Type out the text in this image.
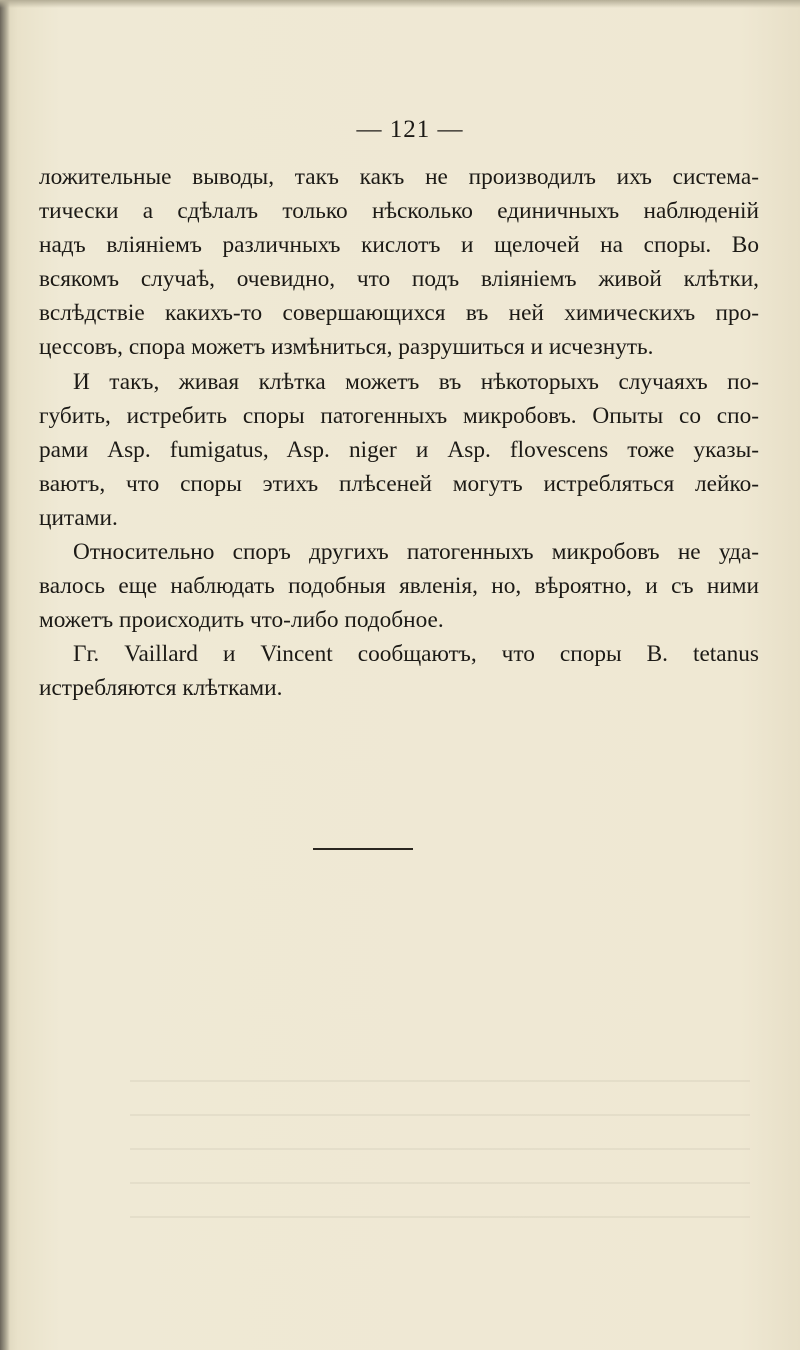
— 121 —
ложительные выводы, такъ какъ не производилъ ихъ система-
тически а сдѣлалъ только нѣсколько единичныхъ наблюденій
надъ вліяніемъ различныхъ кислотъ и щелочей на споры. Во
всякомъ случаѣ, очевидно, что подъ вліяніемъ живой клѣтки,
вслѣдствіе какихъ-то совершающихся въ ней химическихъ про-
цессовъ, спора можетъ измѣниться, разрушиться и исчезнуть.
И такъ, живая клѣтка можетъ въ нѣкоторыхъ случаяхъ по-
губить, истребить споры патогенныхъ микробовъ. Опыты со спо-
рами Asp. fumigatus, Asp. niger и Asp. flovescens тоже указы-
ваютъ, что споры этихъ плѣсеней могутъ истребляться лейко-
цитами.
Относительно споръ другихъ патогенныхъ микробовъ не уда-
валось еще наблюдать подобныя явленія, но, вѣроятно, и съ ними
можетъ происходить что-либо подобное.
Гг. Vaillard и Vincent сообщаютъ, что споры B. tetanus
истребляются клѣтками.
